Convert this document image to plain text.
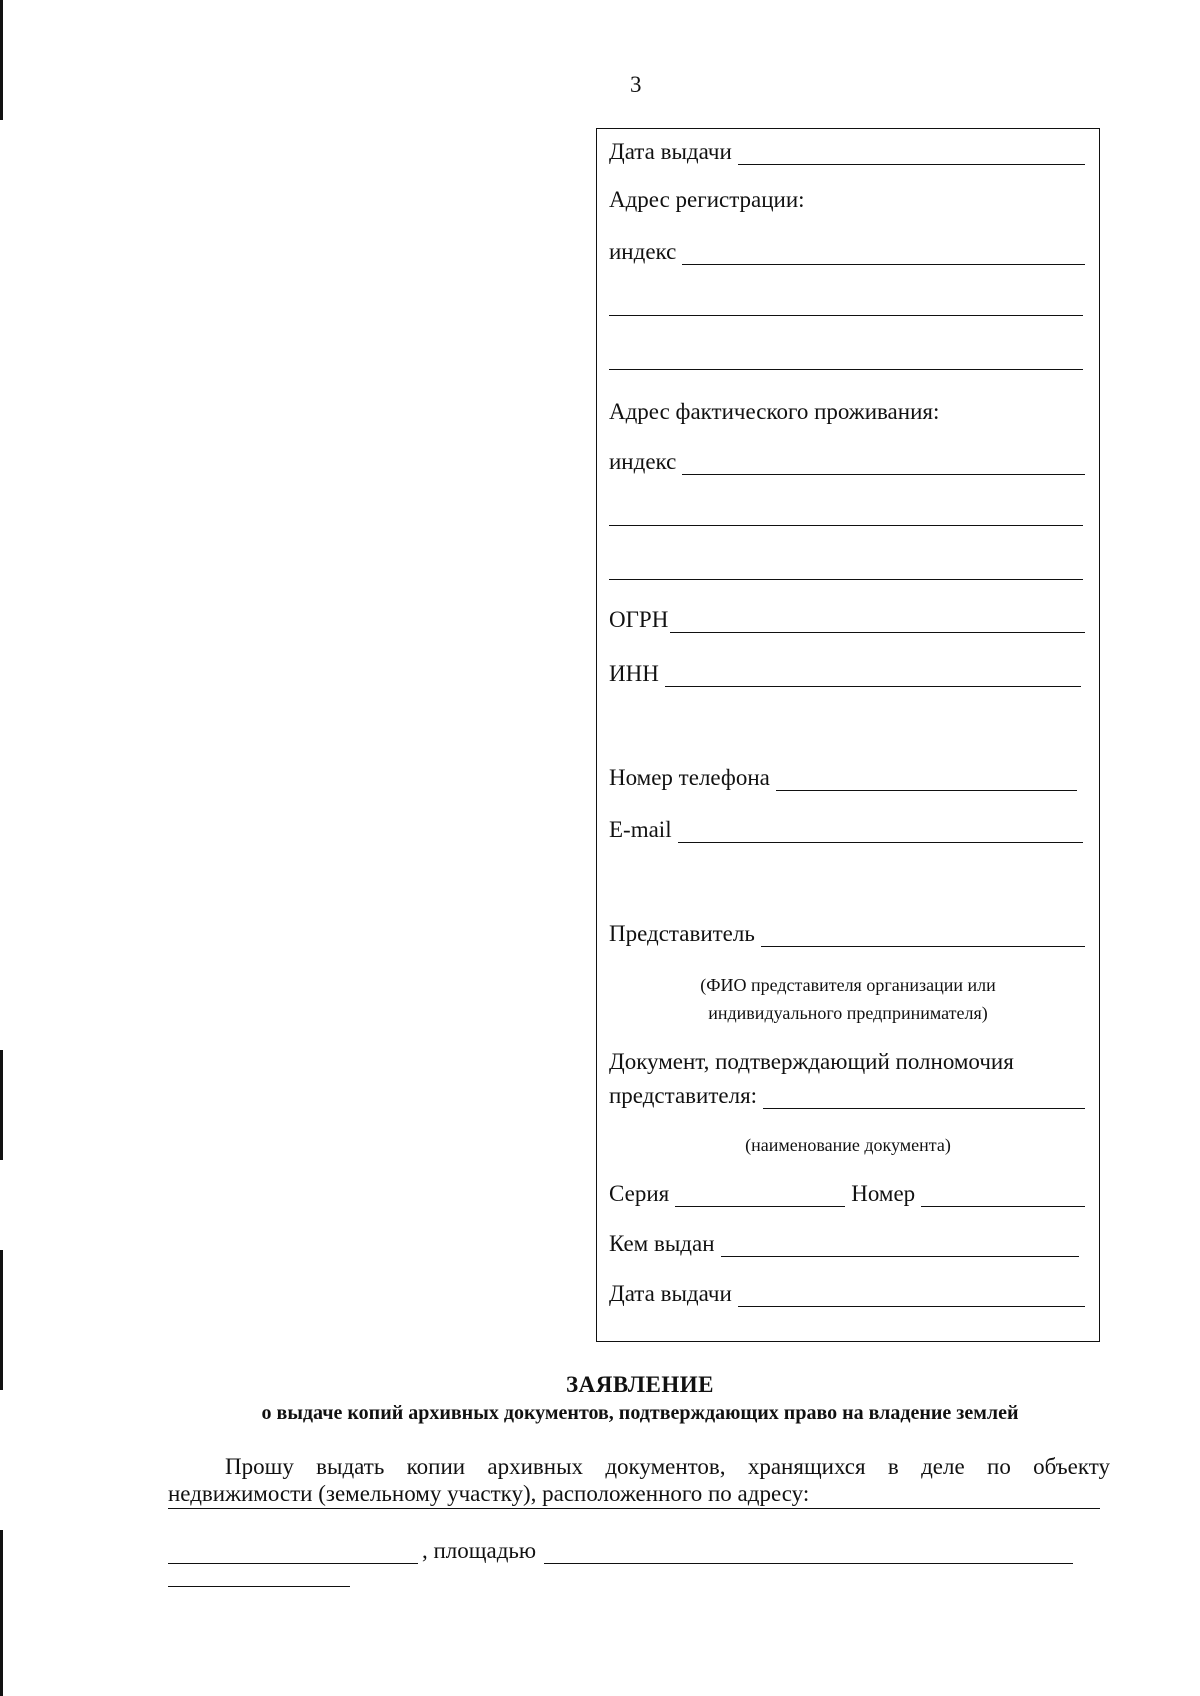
3
Дата выдачи
Адрес регистрации:
индекс
Адрес фактического проживания:
индекс
ОГРН
ИНН
Номер телефона
E-mail
Представитель
(ФИО представителя организации или
индивидуального предпринимателя)
Документ, подтверждающий полномочия
представителя:
(наименование документа)
Серия	Номер
Кем выдан
Дата выдачи
ЗАЯВЛЕНИЕ
о выдаче копий архивных документов, подтверждающих право на владение землей
Прошу выдать копии архивных документов, хранящихся в деле по объекту
недвижимости (земельному участку), расположенного по адресу:
, площадью
